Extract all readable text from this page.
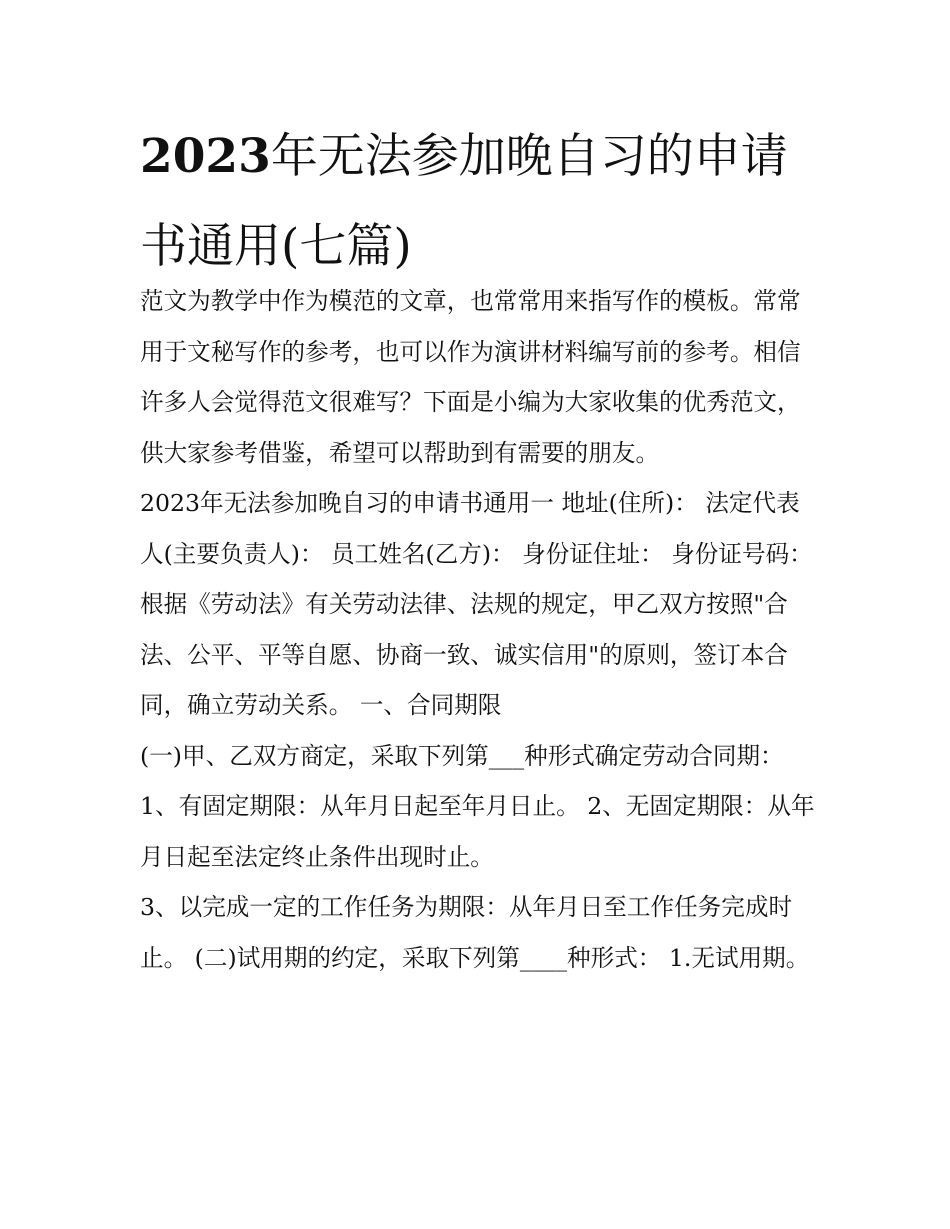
2023年无法参加晚自习的申请书通用(七篇)

范文为教学中作为模范的文章，也常常用来指写作的模板。常常用于文秘写作的参考，也可以作为演讲材料编写前的参考。相信许多人会觉得范文很难写？下面是小编为大家收集的优秀范文，供大家参考借鉴，希望可以帮助到有需要的朋友。

2023年无法参加晚自习的申请书通用一 地址(住所)： 法定代表人(主要负责人)： 员工姓名(乙方)： 身份证住址： 身份证号码：

根据《劳动法》有关劳动法律、法规的规定，甲乙双方按照"合法、公平、平等自愿、协商一致、诚实信用"的原则，签订本合同，确立劳动关系。 一、合同期限

(一)甲、乙双方商定，采取下列第___种形式确定劳动合同期： 1、有固定期限：从年月日起至年月日止。 2、无固定期限：从年月日起至法定终止条件出现时止。

3、以完成一定的工作任务为期限：从年月日至工作任务完成时止。 (二)试用期的约定，采取下列第____种形式： 1.无试用期。
